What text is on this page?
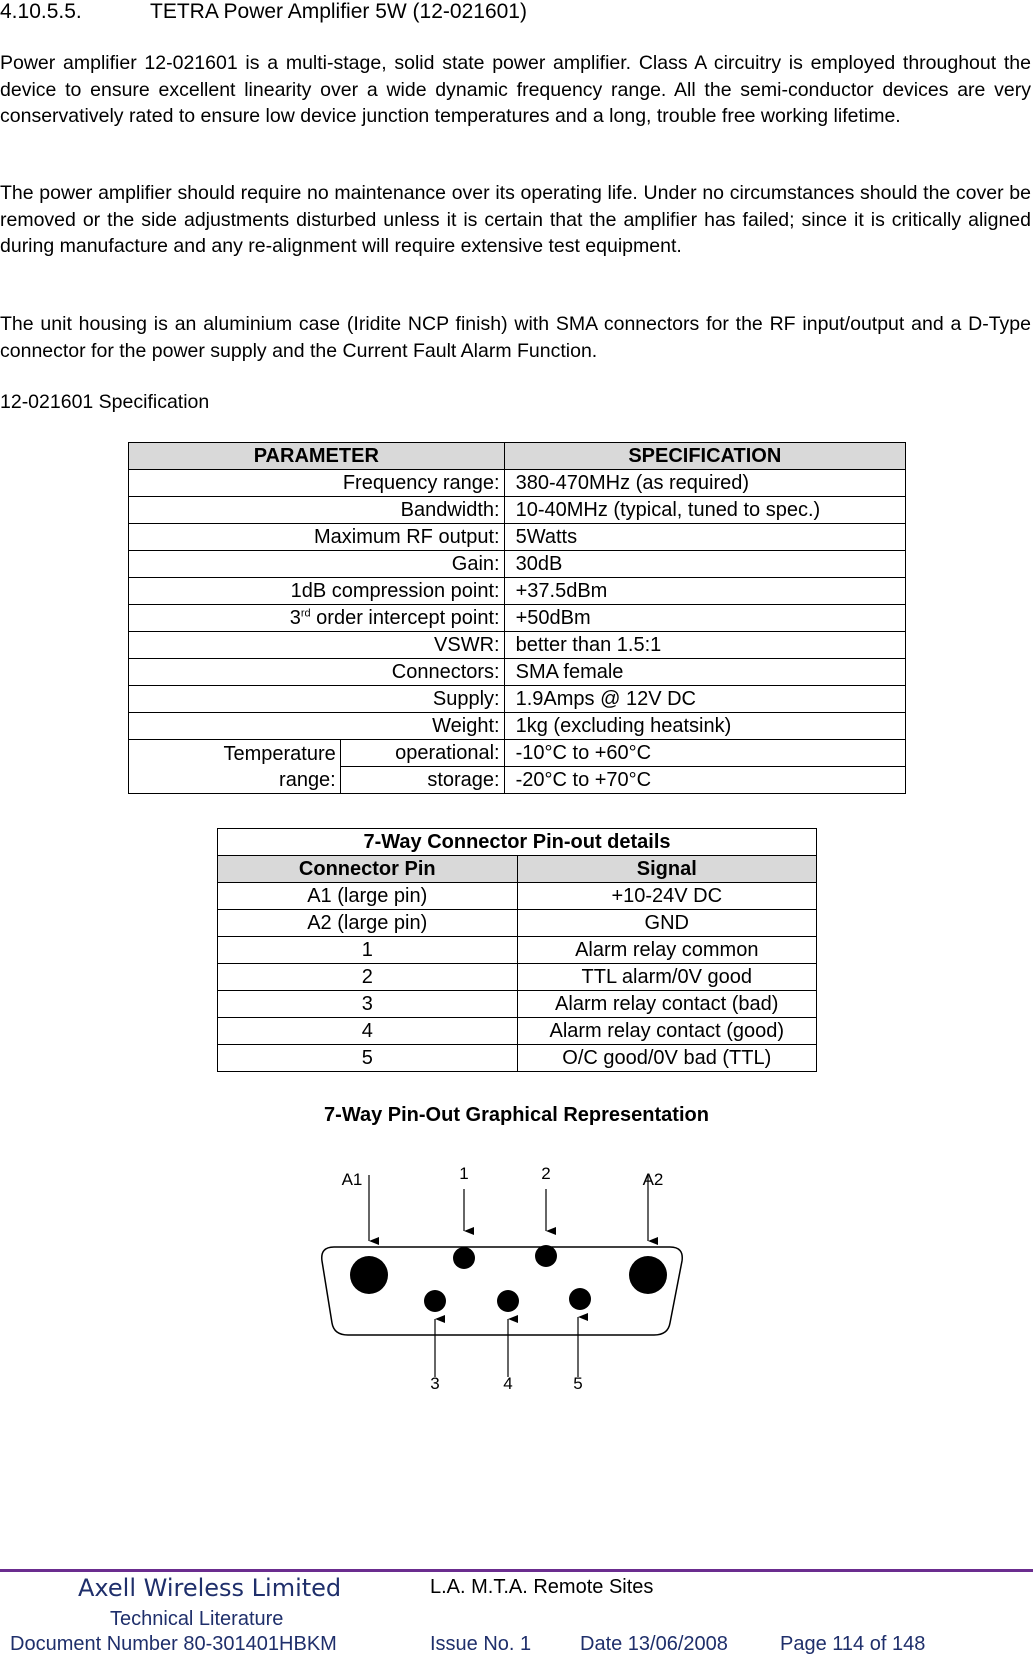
4.10.5.5.	TETRA Power Amplifier 5W (12-021601)

Power amplifier 12-021601 is a multi-stage, solid state power amplifier. Class A circuitry is employed throughout the device to ensure excellent linearity over a wide dynamic frequency range. All the semi-conductor devices are very conservatively rated to ensure low device junction temperatures and a long, trouble free working lifetime.

The power amplifier should require no maintenance over its operating life. Under no circumstances should the cover be removed or the side adjustments disturbed unless it is certain that the amplifier has failed; since it is critically aligned during manufacture and any re-alignment will require extensive test equipment.

The unit housing is an aluminium case (Iridite NCP finish) with SMA connectors for the RF input/output and a D-Type connector for the power supply and the Current Fault Alarm Function.

12-021601 Specification
PARAMETER		SPECIFICATION
Frequency range:		380-470MHz (as required)
Bandwidth:		10-40MHz (typical, tuned to spec.)
Maximum RF output:		5Watts
Gain:		30dB
1dB compression point:		+37.5dBm
3rd order intercept point:		+50dBm
VSWR:		better than 1.5:1
Connectors:		SMA female
Supply:		1.9Amps @ 12V DC
Weight:		1kg (excluding heatsink)
Temperature
range:	operational:	-10°C to +60°C
	storage:	-20°C to +70°C
7-Way Connector Pin-out details	
Connector Pin	Signal
A1 (large pin)	+10-24V DC
A2 (large pin)	GND
1	Alarm relay common
2	TTL alarm/0V good
3	Alarm relay contact (bad)
4	Alarm relay contact (good)
5	O/C good/0V bad (TTL)
7-Way Pin-Out Graphical Representation
A1	1	2	A2
3	4	5
Axell Wireless Limited
Technical Literature
L.A. M.T.A. Remote Sites
Document Number 80-301401HBKM	Issue No. 1 Date 13/06/2008	Page 114 of 148
